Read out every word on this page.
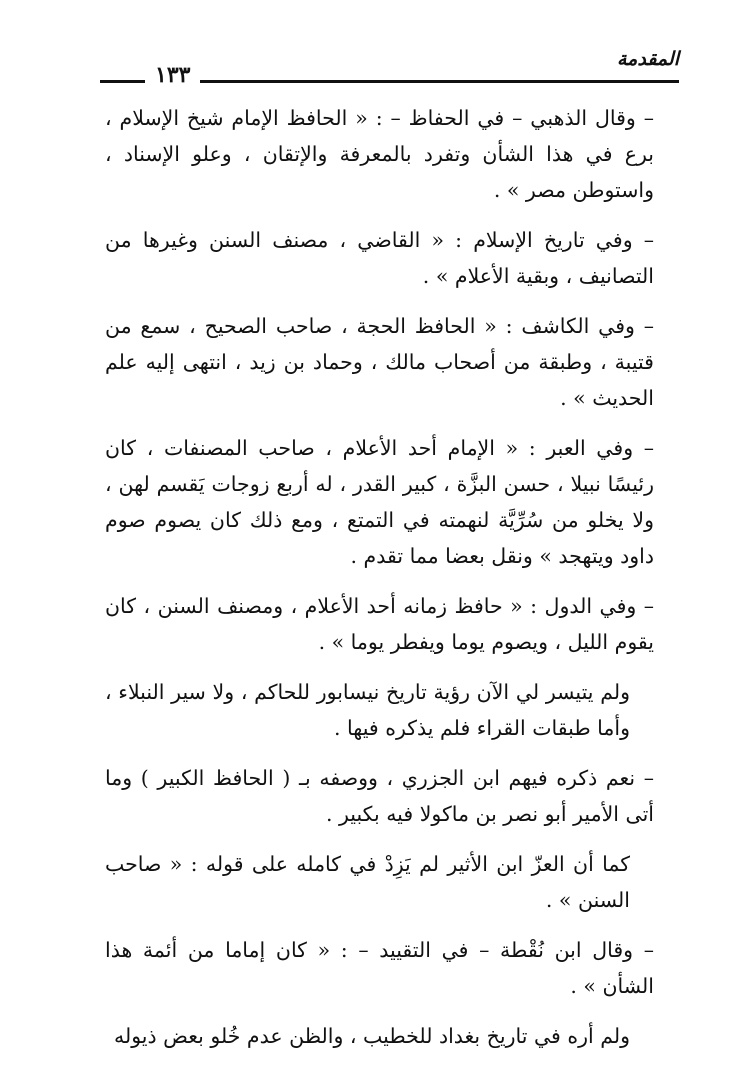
المقدمة
١٣٣

– وقال الذهبي – في الحفاظ – : « الحافظ الإمام شيخ الإسلام ، برع في هذا الشأن وتفرد بالمعرفة والإتقان ، وعلو الإسناد ، واستوطن مصر » .

– وفي تاريخ الإسلام : « القاضي ، مصنف السنن وغيرها من التصانيف ، وبقية الأعلام » .

– وفي الكاشف : « الحافظ الحجة ، صاحب الصحيح ، سمع من قتيبة ، وطبقة من أصحاب مالك ، وحماد بن زيد ، انتهى إليه علم الحديث » .

– وفي العبر : « الإمام أحد الأعلام ، صاحب المصنفات ، كان رئيسًا نبيلا ، حسن البزَّة ، كبير القدر ، له أربع زوجات يَقسم لهن ، ولا يخلو من سُرِّيَّة لنهمته في التمتع ، ومع ذلك كان يصوم صوم داود ويتهجد » ونقل بعضا مما تقدم .

– وفي الدول : « حافظ زمانه أحد الأعلام ، ومصنف السنن ، كان يقوم الليل ، ويصوم يوما ويفطر يوما » .

ولم يتيسر لي الآن رؤية تاريخ نيسابور للحاكم ، ولا سير النبلاء ، وأما طبقات القراء فلم يذكره فيها .

– نعم ذكره فيهم ابن الجزري ، ووصفه بـ ( الحافظ الكبير ) وما أتى الأمير أبو نصر بن ماكولا فيه بكبير .

كما أن العزّ ابن الأثير لم يَزِدْ في كامله على قوله : « صاحب السنن » .

– وقال ابن نُقْطة – في التقييد – : « كان إماما من أئمة هذا الشأن » .

ولم أره في تاريخ بغداد للخطيب ، والظن عدم خُلو بعض ذيوله
